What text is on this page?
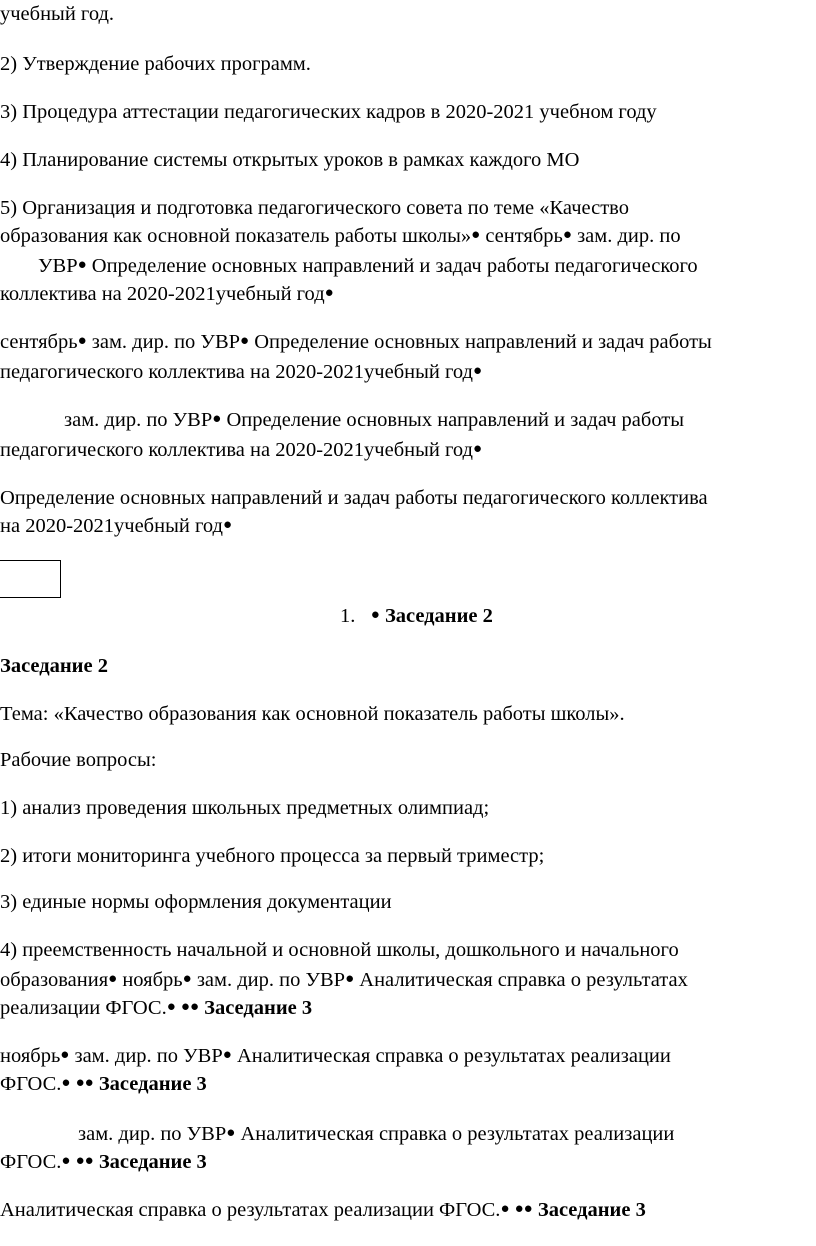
учебный год.
2) Утверждение рабочих программ.
3) Процедура аттестации педагогических кадров в 2020-2021 учебном году
4) Планирование системы открытых уроков в рамках каждого МО
5) Организация и подготовка педагогического совета по теме «Качество
образования как основной показатель работы школы»● сентябрь● зам. дир. по
УВР● Определение основных направлений и задач работы педагогического
коллектива на 2020-2021учебный год●
сентябрь● зам. дир. по УВР● Определение основных направлений и задач работы
педагогического коллектива на 2020-2021учебный год●
зам. дир. по УВР● Определение основных направлений и задач работы
педагогического коллектива на 2020-2021учебный год●
Определение основных направлений и задач работы педагогического коллектива
на 2020-2021учебный год●
1. ● Заседание 2
Заседание 2
Тема: «Качество образования как основной показатель работы школы».
Рабочие вопросы:
1) анализ проведения школьных предметных олимпиад;
2) итоги мониторинга учебного процесса за первый триместр;
3) единые нормы оформления документации
4) преемственность начальной и основной школы, дошкольного и начального
образования● ноябрь● зам. дир. по УВР● Аналитическая справка о результатах
реализации ФГОС.● ●● Заседание 3
ноябрь● зам. дир. по УВР● Аналитическая справка о результатах реализации
ФГОС.● ●● Заседание 3
зам. дир. по УВР● Аналитическая справка о результатах реализации
ФГОС.● ●● Заседание 3
Аналитическая справка о результатах реализации ФГОС.● ●● Заседание 3
